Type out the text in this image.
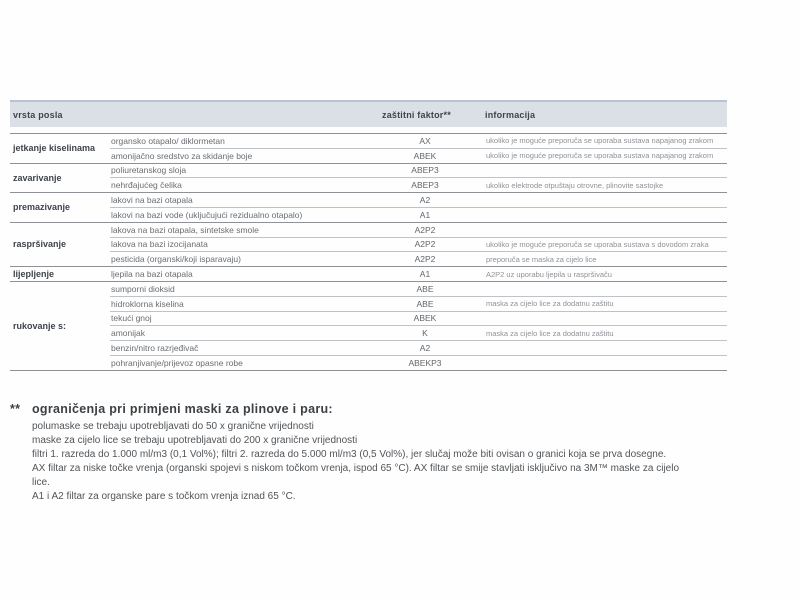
vrsta posla	zaštitni faktor**	informacija
jetkanje kiselinama
organsko otapalo/ diklormetan	AX	ukoliko je moguće preporuča se uporaba sustava napajanog zrakom
amonijačno sredstvo za skidanje boje	ABEK	ukoliko je moguće preporuča se uporaba sustava napajanog zrakom
zavarivanje
poliuretanskog sloja	ABEP3
nehrđajućeg čelika	ABEP3	ukoliko elektrode otpuštaju otrovne, plinovite sastojke
premazivanje
lakovi na bazi otapala	A2
lakovi na bazi vode (uključujući rezidualno otapalo)	A1
raspršivanje
lakova na bazi otapala, sintetske smole	A2P2
lakova na bazi izocijanata	A2P2	ukoliko je moguće preporuča se uporaba sustava s dovodom zraka
pesticida (organski/koji isparavaju)	A2P2	preporuča se maska za cijelo lice
lijepljenje	ljepila na bazi otapala	A1	A2P2 uz uporabu ljepila u raspršivaču
rukovanje s:
sumporni dioksid	ABE
hidroklorna kiselina	ABE	maska za cijelo lice za dodatnu zaštitu
tekući gnoj	ABEK
amonijak	K	maska za cijelo lice za dodatnu zaštitu
benzin/nitro razrjeđivač	A2
pohranjivanje/prijevoz opasne robe	ABEKP3
** ograničenja pri primjeni maski za plinove i paru:
polumaske se trebaju upotrebljavati do 50 x granične vrijednosti
maske za cijelo lice se trebaju upotrebljavati do 200 x granične vrijednosti
filtri 1. razreda do 1.000 ml/m3 (0,1 Vol%); filtri 2. razreda do 5.000 ml/m3 (0,5 Vol%), jer slučaj može biti ovisan o granici koja se prva dosegne.
AX filtar za niske točke vrenja (organski spojevi s niskom točkom vrenja, ispod 65 °C). AX filtar se smije stavljati isključivo na 3M™ maske za cijelo
lice.
A1 i A2 filtar za organske pare s točkom vrenja iznad 65 °C.
